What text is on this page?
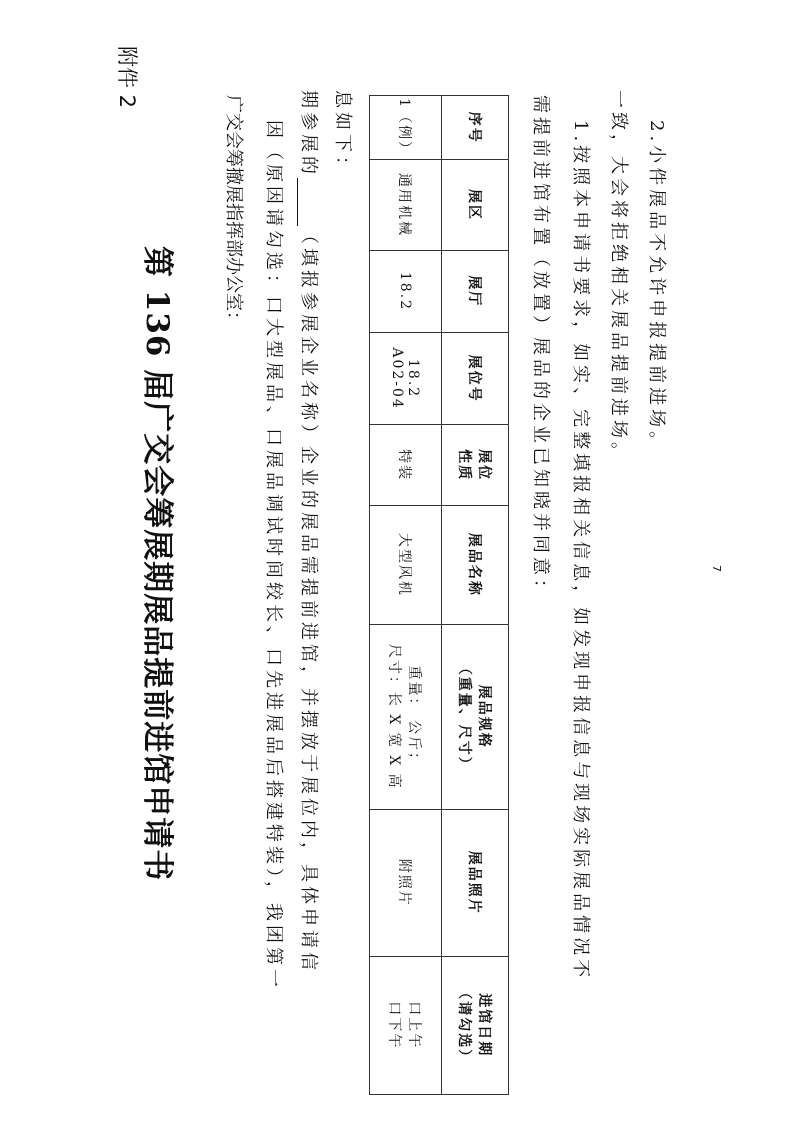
附件 2
第 136 届广交会筹展期展品提前进馆申请书
广交会筹撤展指挥部办公室： 因（原因请勾选：口大型展品、口展品调试时间较长、口先进展品后搭建特装），我团第一 期参展的（填报参展企业名称）企业的展品需提前进馆，并摆放于展位内，具体申请信
息如下：	序号	展区	展厅	展位号	展位
性质	展品名称	展品规格
（重量、尺寸）	展品照片	进馆日期
（请勾选）

1（例）	通用机械	18.2	18.2
A02-04	特装	大型风机	重量： 公斤；
尺寸：长 X 宽 X 高	附照片	口上午
口下午
需提前进馆布置（放置）展品的企业已知晓并同意： 1.按照本申请书要求，如实、完整填报相关信息，如发现申报信息与现场实际展品情况不 一致，大会将拒绝相关展品提前进场。 2.小件展品不允许申报提前进场。
7
